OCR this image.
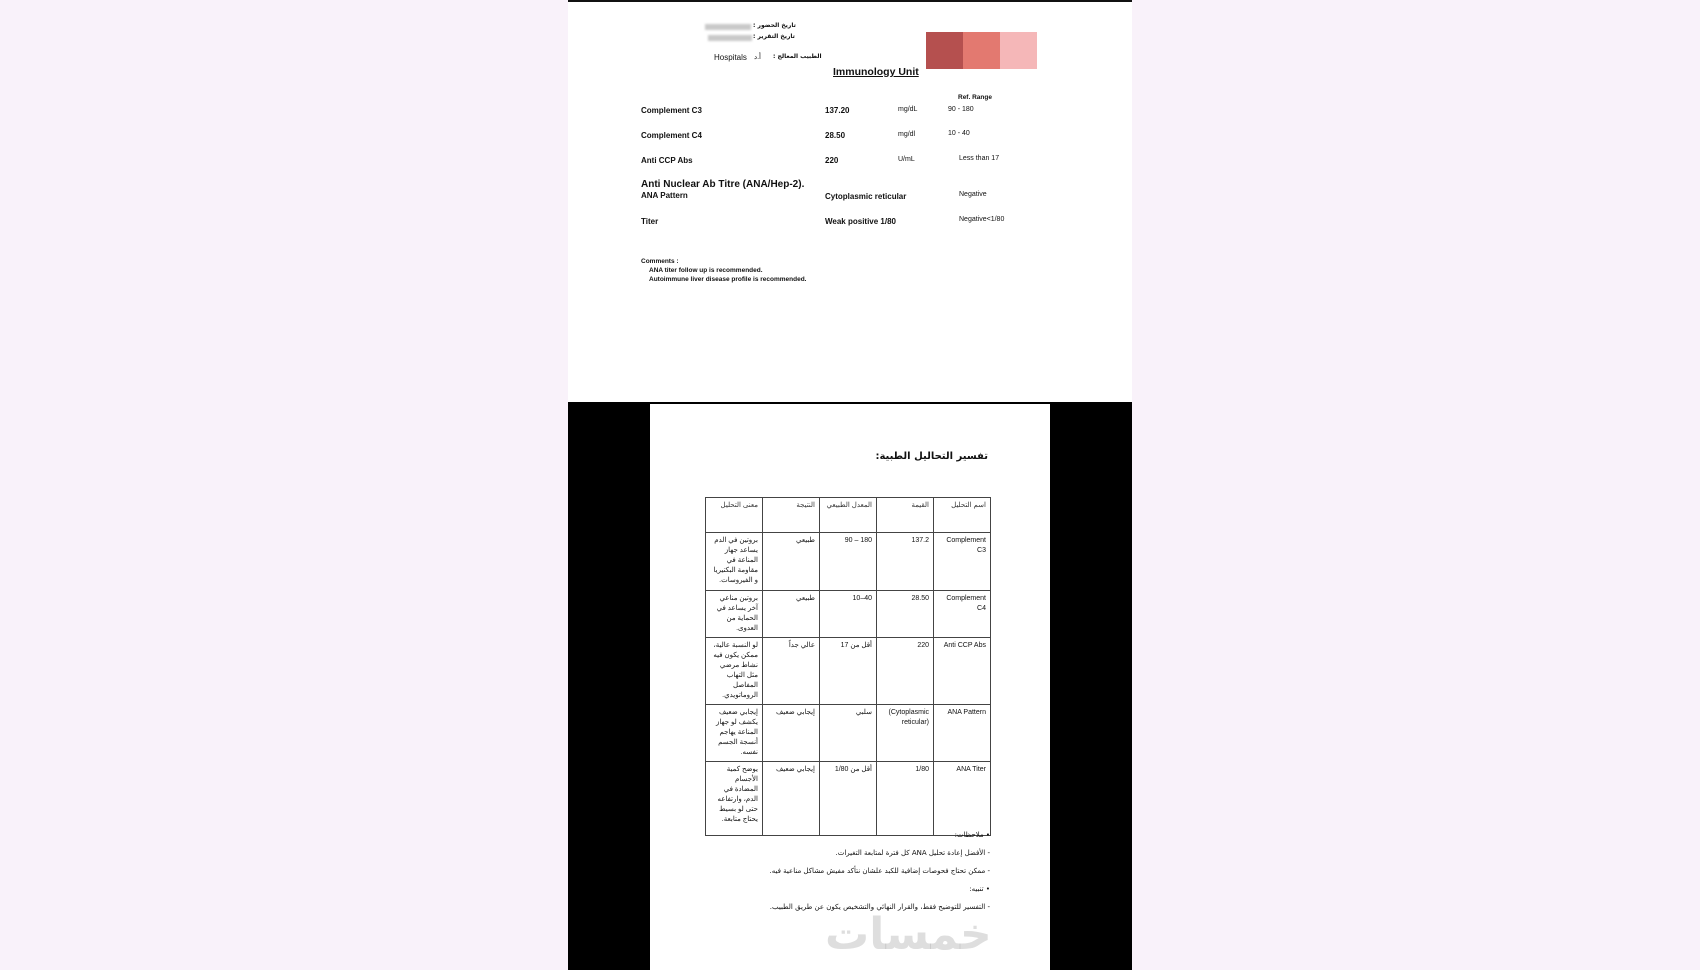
تاريخ الحضور :
تاريخ التقرير :
Hospitals أ.د الطبيب المعالج :
Immunology Unit
Ref. Range
Complement C3	137.20	mg/dL	90 - 180
Complement C4	28.50	mg/dl	10 - 40
Anti CCP Abs	220	U/mL	Less than 17
Anti Nuclear Ab Titre (ANA/Hep-2).
ANA Pattern	Cytoplasmic reticular	Negative
Titer	Weak positive 1/80	Negative<1/80
Comments :
ANA titer follow up is recommended.
Autoimmune liver disease profile is recommended.
تفسير التحاليل الطبية:
اسم التحليل	القيمة	المعدل الطبيعي	النتيجة	معنى التحليل
Complement C3	137.2	90 – 180	طبيعي	بروتين في الدم يساعد جهاز المناعة في مقاومة البكتيريا و الفيروسات.
Complement C4	28.50	10–40	طبيعي	بروتين مناعي آخر يساعد في الحماية من العدوى.
Anti CCP Abs	220	أقل من 17	عالي جداً	لو النسبة عالية، ممكن يكون فيه نشاط مرضي مثل التهاب المفاصل الروماتويدي.
ANA Pattern	(Cytoplasmic reticular)	سلبي	إيجابي ضعيف	إيجابي ضعيف يكشف لو جهاز المناعة يهاجم أنسجة الجسم نفسه.
ANA Titer	1/80	أقل من 1/80	إيجابي ضعيف	يوضح كمية الأجسام المضادة في الدم، وارتفاعه حتى لو بسيط يحتاج متابعة.
• ملاحظات:
- الأفضل إعادة تحليل ANA كل فترة لمتابعة التغيرات.
- ممكن تحتاج فحوصات إضافية للكبد علشان نتأكد مفيش مشاكل مناعية فيه.
• تنبيه:
- التفسير للتوضيح فقط، والقرار النهائي والتشخيص يكون عن طريق الطبيب.
خمسات
